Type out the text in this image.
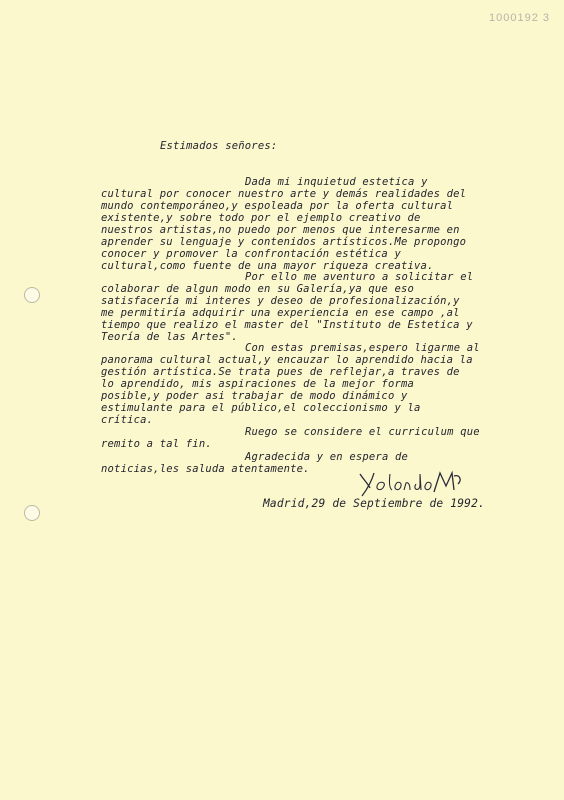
1000192 3
Estimados señores:
Dada mi inquietud estetica y
cultural por conocer nuestro arte y demás realidades del
mundo contemporáneo,y espoleada por la oferta cultural
existente,y sobre todo por el ejemplo creativo de
nuestros artistas,no puedo por menos que interesarme en
aprender su lenguaje y contenidos artísticos.Me propongo
conocer y promover la confrontación estética y
cultural,como fuente de una mayor riqueza creativa.
Por ello me aventuro a solicitar el
colaborar de algun modo en su Galería,ya que eso
satisfacería mi interes y deseo de profesionalización,y
me permitiría adquirir una experiencia en ese campo ,al
tiempo que realizo el master del "Instituto de Estetica y
Teoría de las Artes".
Con estas premisas,espero ligarme al
panorama cultural actual,y encauzar lo aprendido hacia la
gestión artística.Se trata pues de reflejar,a traves de
lo aprendido, mis aspiraciones de la mejor forma
posible,y poder asi trabajar de modo dinámico y
estimulante para el público,el coleccionismo y la
crítica.
Ruego se considere el curriculum que
remito a tal fin.
Agradecida y en espera de
noticias,les saluda atentamente.
Madrid,29 de Septiembre de 1992.
